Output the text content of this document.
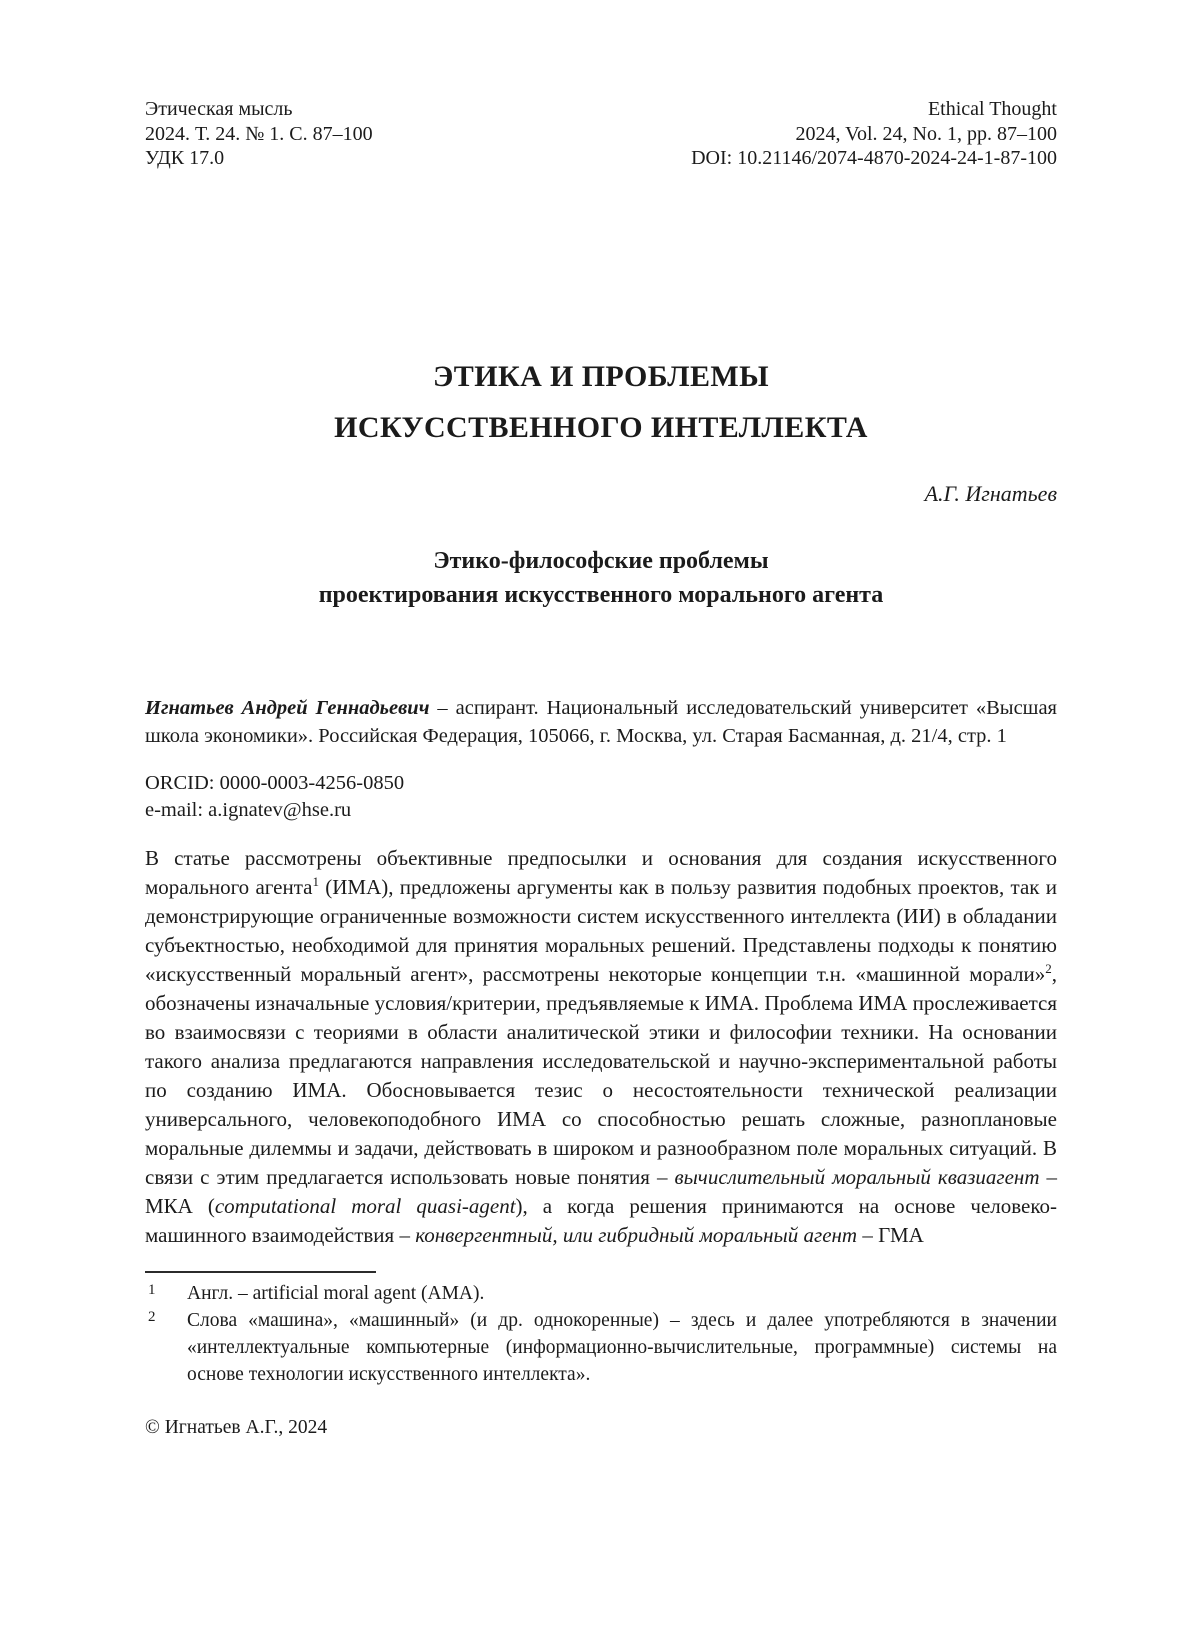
Этическая мысль
2024. Т. 24. № 1. С. 87–100
УДК 17.0
Ethical Thought
2024, Vol. 24, No. 1, pp. 87–100
DOI: 10.21146/2074-4870-2024-24-1-87-100
ЭТИКА И ПРОБЛЕМЫ
ИСКУССТВЕННОГО ИНТЕЛЛЕКТА
А.Г. Игнатьев
Этико-философские проблемы
проектирования искусственного морального агента

Игнатьев Андрей Геннадьевич – аспирант. Национальный исследовательский университет «Высшая школа экономики». Российская Федерация, 105066, г. Москва, ул. Старая Басманная, д. 21/4, стр. 1

ORCID: 0000-0003-4256-0850
e-mail: a.ignatev@hse.ru

В статье рассмотрены объективные предпосылки и основания для создания искусственного морального агента$^1$ (ИМА), предложены аргументы как в пользу развития подобных проектов, так и демонстрирующие ограниченные возможности систем искусственного интеллекта (ИИ) в обладании субъектностью, необходимой для принятия моральных решений. Представлены подходы к понятию «искусственный моральный агент», рассмотрены некоторые концепции т.н. «машинной морали»$^2$, обозначены изначальные условия/критерии, предъявляемые к ИМА. Проблема ИМА прослеживается во взаимосвязи с теориями в области аналитической этики и философии техники. На основании такого анализа предлагаются направления исследовательской и научно-экспериментальной работы по созданию ИМА. Обосновывается тезис о несостоятельности технической реализации универсального, человекоподобного ИМА со способностью решать сложные, разноплановые моральные дилеммы и задачи, действовать в широком и разнообразном поле моральных ситуаций. В связи с этим предлагается использовать новые понятия – вычислительный моральный квазиагент – МКА (computational moral quasi-agent), а когда решения принимаются на основе человеко-машинного взаимодействия – конвергентный, или гибридный моральный агент – ГМА

1 Англ. – artificial moral agent (AMA).
2 Слова «машина», «машинный» (и др. однокоренные) – здесь и далее употребляются в значении «интеллектуальные компьютерные (информационно-вычислительные, программные) системы на основе технологии искусственного интеллекта».
© Игнатьев А.Г., 2024
